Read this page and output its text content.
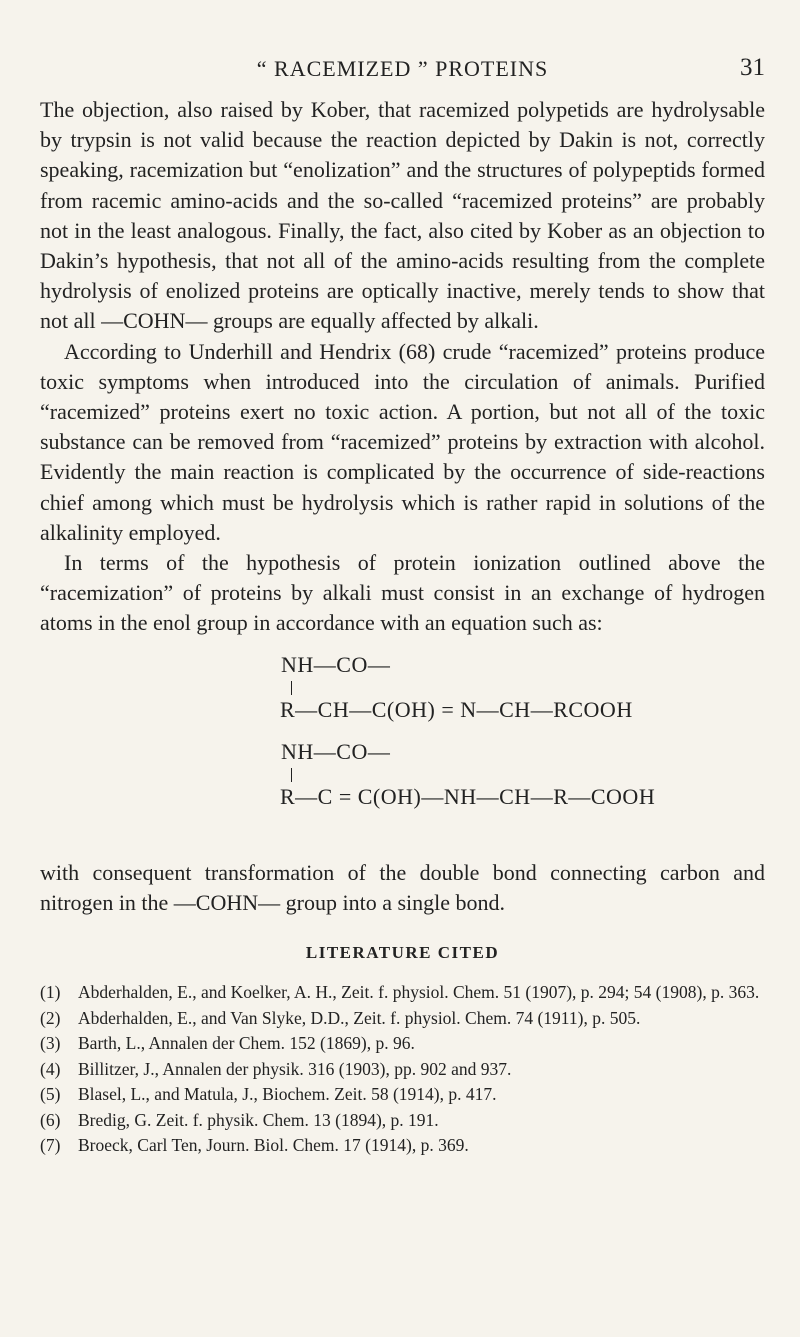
“ RACEMIZED ” PROTEINS	31

The objection, also raised by Kober, that racemized polypetids are hydrolysable by trypsin is not valid because the reaction depicted by Dakin is not, correctly speaking, racemization but “enolization” and the structures of polypeptids formed from racemic amino-acids and the so-called “racemized proteins” are probably not in the least analogous. Finally, the fact, also cited by Kober as an objection to Dakin’s hypothesis, that not all of the amino-acids resulting from the complete hydrolysis of enolized proteins are optically inactive, merely tends to show that not all —COHN— groups are equally affected by alkali.

According to Underhill and Hendrix (68) crude “racemized” proteins produce toxic symptoms when introduced into the circulation of animals. Purified “racemized” proteins exert no toxic action. A portion, but not all of the toxic substance can be removed from “racemized” proteins by extraction with alcohol. Evidently the main reaction is complicated by the occurrence of side-reactions chief among which must be hydrolysis which is rather rapid in solutions of the alkalinity employed.

In terms of the hypothesis of protein ionization outlined above the “racemization” of proteins by alkali must consist in an exchange of hydrogen atoms in the enol group in accordance with an equation such as:

NH—CO—
R—CH—C(OH) = N—CH—RCOOH
NH—CO—
R—C = C(OH)—NH—CH—R—COOH

with consequent transformation of the double bond connecting carbon and nitrogen in the —COHN— group into a single bond.

LITERATURE CITED

(1) Abderhalden, E., and Koelker, A. H., Zeit. f. physiol. Chem. 51 (1907), p. 294; 54 (1908), p. 363.

(2) Abderhalden, E., and Van Slyke, D.D., Zeit. f. physiol. Chem. 74 (1911), p. 505.

(3) Barth, L., Annalen der Chem. 152 (1869), p. 96.

(4) Billitzer, J., Annalen der physik. 316 (1903), pp. 902 and 937.

(5) Blasel, L., and Matula, J., Biochem. Zeit. 58 (1914), p. 417.

(6) Bredig, G. Zeit. f. physik. Chem. 13 (1894), p. 191.

(7) Broeck, Carl Ten, Journ. Biol. Chem. 17 (1914), p. 369.
